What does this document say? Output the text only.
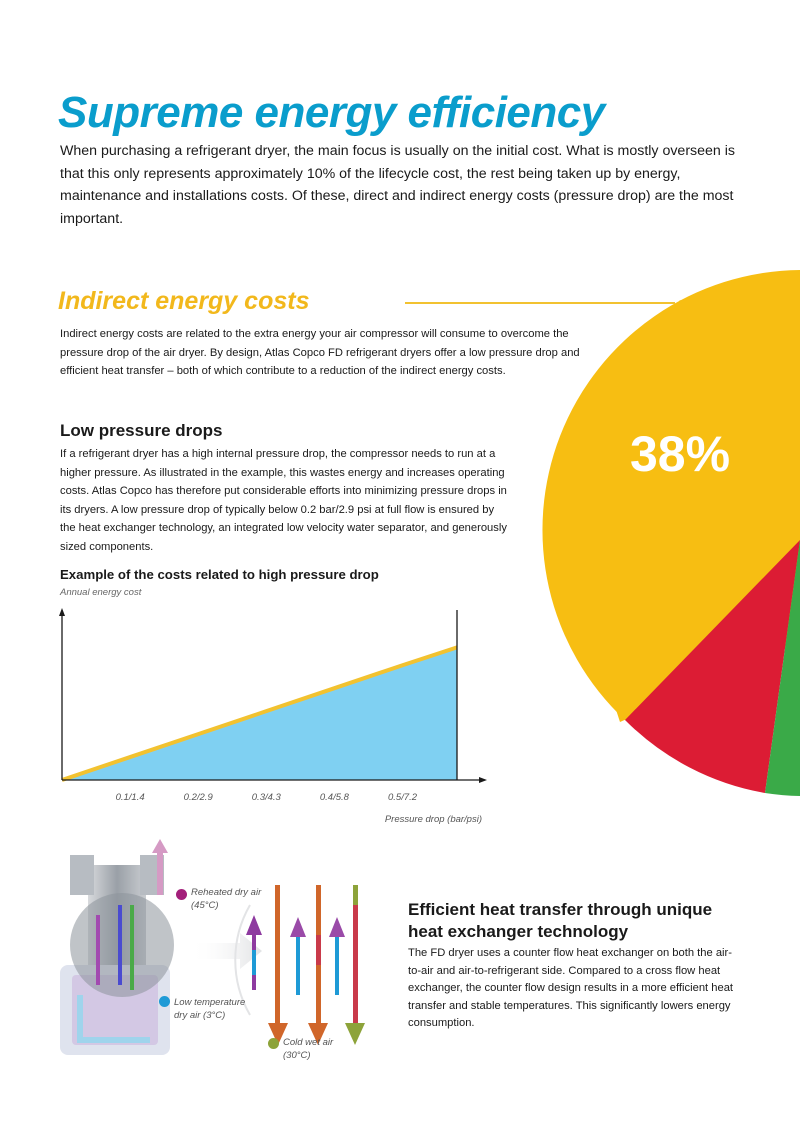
38%
Supreme energy efficiency

When purchasing a refrigerant dryer, the main focus is usually on the initial cost. What is mostly overseen is that this only represents approximately 10% of the lifecycle cost, the rest being taken up by energy, maintenance and installations costs. Of these, direct and indirect energy costs (pressure drop) are the most important.

Indirect energy costs

Indirect energy costs are related to the extra energy your air compressor will consume to overcome the pressure drop of the air dryer. By design, Atlas Copco FD refrigerant dryers offer a low pressure drop and efficient heat transfer – both of which contribute to a reduction of the indirect energy costs.

Low pressure drops

If a refrigerant dryer has a high internal pressure drop, the compressor needs to run at a higher pressure. As illustrated in the example, this wastes energy and increases operating costs. Atlas Copco has therefore put considerable efforts into minimizing pressure drops in its dryers. A low pressure drop of typically below 0.2 bar/2.9 psi at full flow is ensured by the heat exchanger technology, an integrated low velocity water separator, and generously sized components.

Example of the costs related to high pressure drop
Annual energy cost
0.1/1.4	0.2/2.9	0.3/4.3	0.4/5.8	0.5/7.2
Pressure drop (bar/psi)
Reheated dry air (45°C)
Low temperature dry air (3°C)
Cold wet air (30°C)
Efficient heat transfer through unique heat exchanger technology

The FD dryer uses a counter flow heat exchanger on both the air-to-air and air-to-refrigerant side. Compared to a cross flow heat exchanger, the counter flow design results in a more efficient heat transfer and stable temperatures. This significantly lowers energy consumption.
